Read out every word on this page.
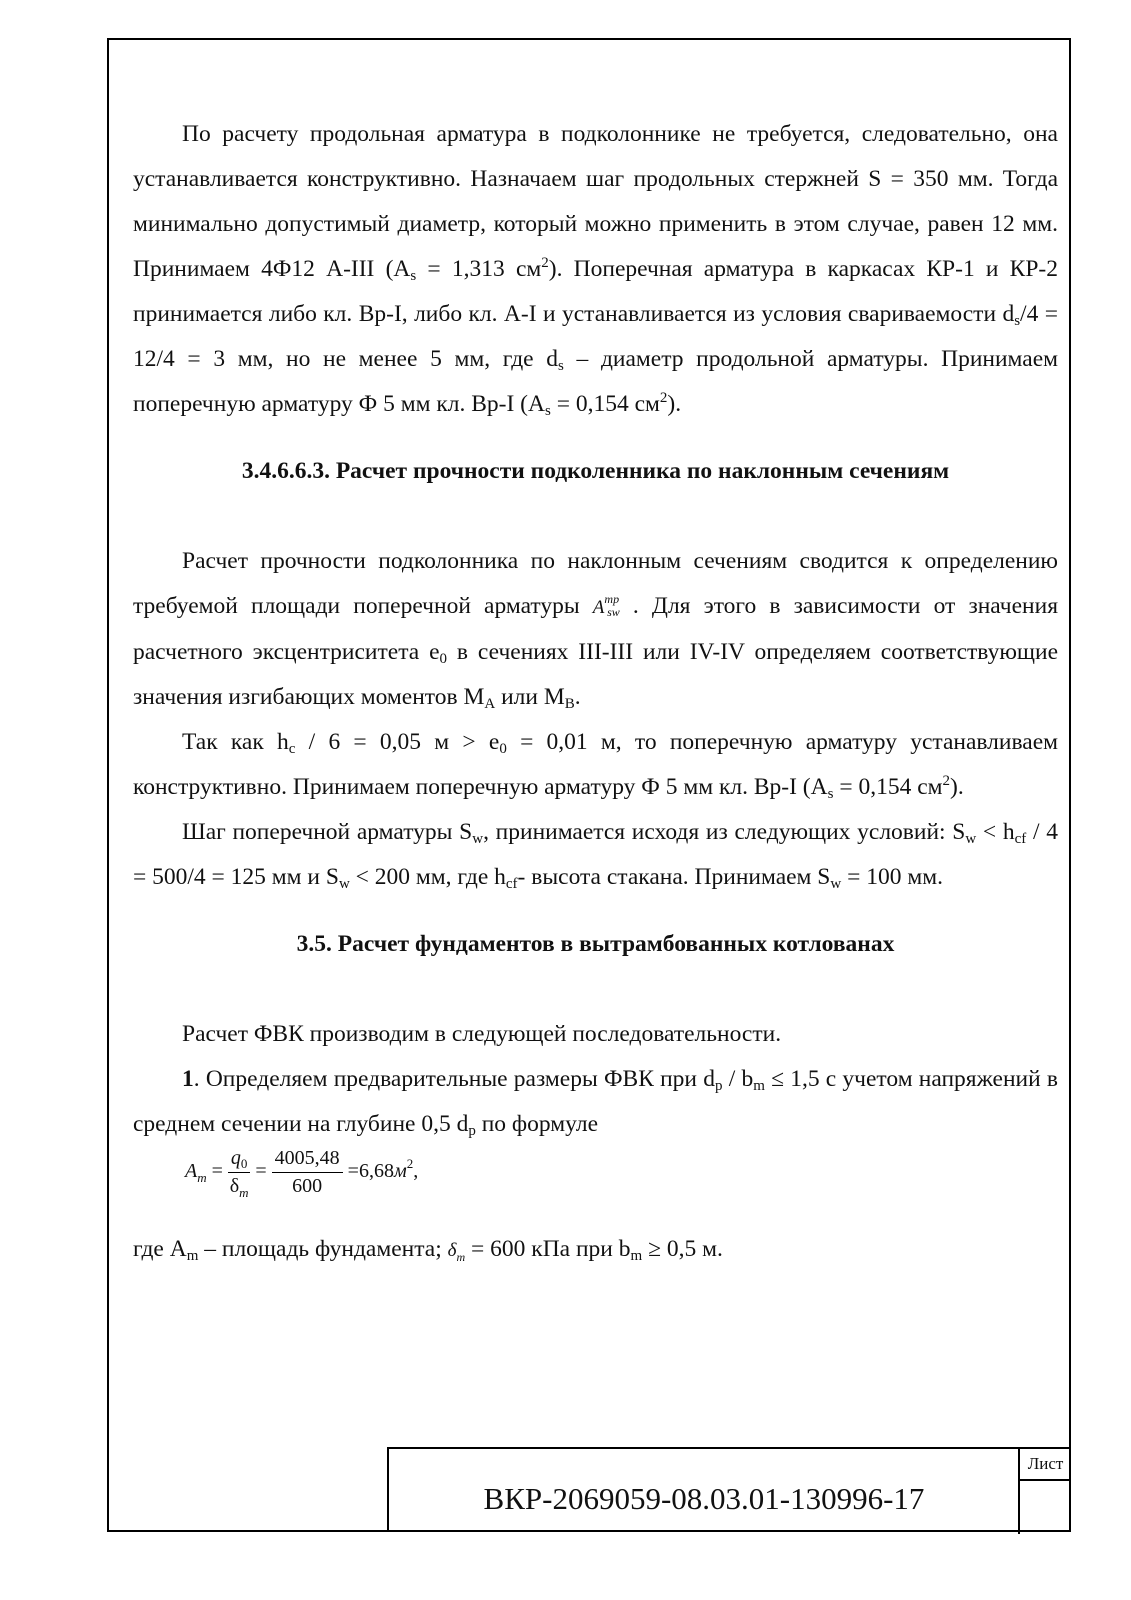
По расчету продольная арматура в подколоннике не требуется, следовательно, она устанавливается конструктивно. Назначаем шаг продольных стержней S = 350 мм. Тогда минимально допустимый диаметр, который можно применить в этом случае, равен 12 мм. Принимаем 4Ф12 А-III ($A_s = 1,313$ $см^2$). Поперечная арматура в каркасах КР-1 и КР-2 принимается либо кл. Вр-I, либо кл. A-I и устанавливается из условия свариваемости $d_s/4 = 12/4 = 3$ мм, но не менее 5 мм, где $d_s$ – диаметр продольной арматуры. Принимаем поперечную арматуру Ф 5 мм кл. Вр-I ($A_s = 0,154$ $см^2$).

3.4.6.6.3. Расчет прочности подколенника по наклонным сечениям

Расчет прочности подколонника по наклонным сечениям сводится к определению требуемой площади поперечной арматуры $A^{mp}_{sw}$ . Для этого в зависимости от значения расчетного эксцентриситета $e_0$ в сечениях III-III или IV-IV определяем соответствующие значения изгибающих моментов $M_A$ или $M_B$.

Так как $h_c / 6 = 0,05$ $м > e_0 = 0,01$ м, то поперечную арматуру устанавливаем конструктивно. Принимаем поперечную арматуру Ф 5 мм кл. Вр-I ($A_s = 0,154$ $см^2$).

Шаг поперечной арматуры $S_w$, принимается исходя из следующих условий: $S_w < h_{cf} / 4 = 500/4 = 125$ мм и $S_w < 200$ мм, где $h_{cf}-$ высота стакана. Принимаем $S_w = 100$ мм.

3.5. Расчет фундаментов в вытрамбованных котлованах

Расчет ФВК производим в следующей последовательности.

1. Определяем предварительные размеры ФВК при $d_p / b_m \le 1,5$ с учетом напряжений в среднем сечении на глубине 0,5 $d_p$ по формуле

$A_m = \frac{q_0}{\delta_m} = \frac{4005,48}{600} =6,68м^2$,

где $A_m$ – площадь фундамента; $\delta_m = 600$ кПа при $b_m \ge 0,5$ м.

ВКР-2069059-08.03.01-130996-17
Лист
